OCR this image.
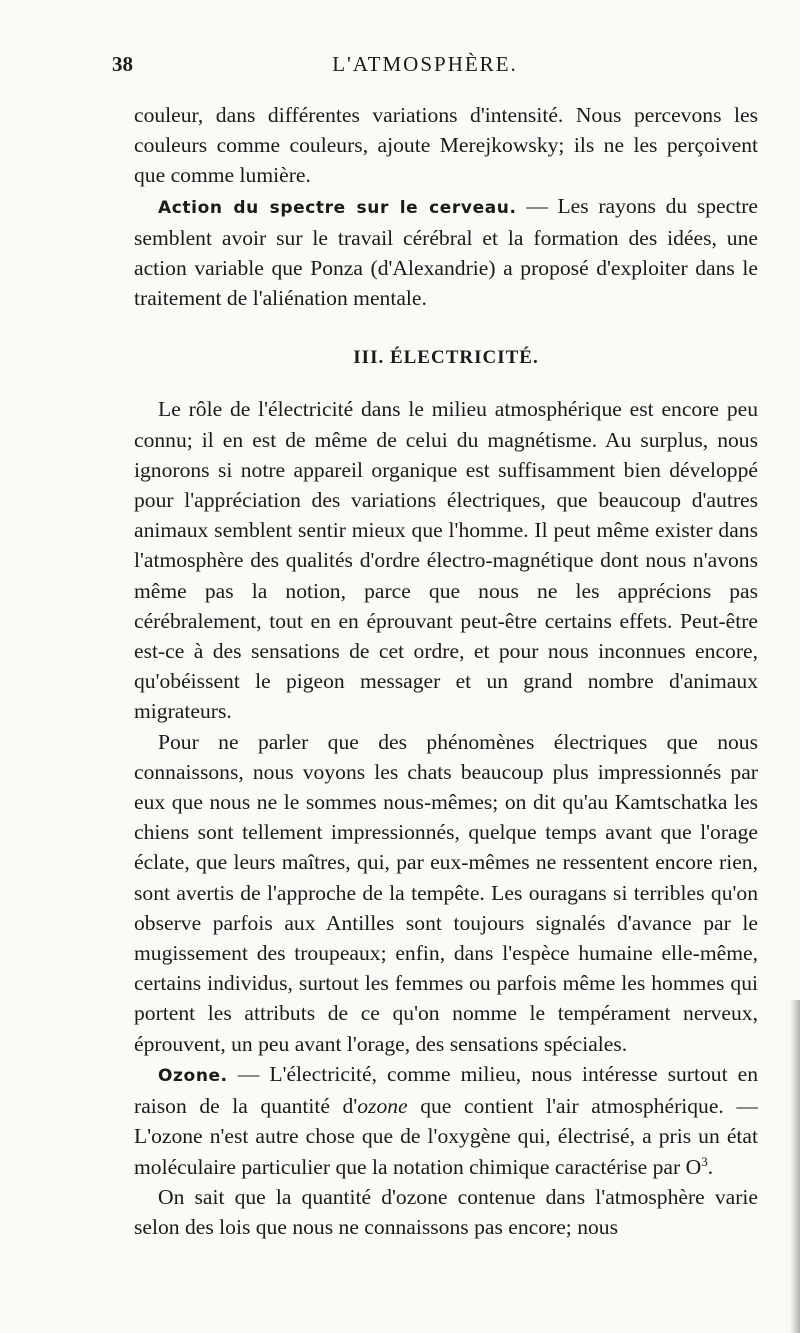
38	L'ATMOSPHÈRE.

couleur, dans différentes variations d'intensité. Nous percevons les couleurs comme couleurs, ajoute Merejkowsky; ils ne les perçoivent que comme lumière.

Action du spectre sur le cerveau. — Les rayons du spectre semblent avoir sur le travail cérébral et la formation des idées, une action variable que Ponza (d'Alexandrie) a proposé d'exploiter dans le traitement de l'aliénation mentale.

III. ÉLECTRICITÉ.

Le rôle de l'électricité dans le milieu atmosphérique est encore peu connu; il en est de même de celui du magnétisme. Au surplus, nous ignorons si notre appareil organique est suffisamment bien développé pour l'appréciation des variations électriques, que beaucoup d'autres animaux semblent sentir mieux que l'homme. Il peut même exister dans l'atmosphère des qualités d'ordre électro-magnétique dont nous n'avons même pas la notion, parce que nous ne les apprécions pas cérébralement, tout en en éprouvant peut-être certains effets. Peut-être est-ce à des sensations de cet ordre, et pour nous inconnues encore, qu'obéissent le pigeon messager et un grand nombre d'animaux migrateurs.

Pour ne parler que des phénomènes électriques que nous connaissons, nous voyons les chats beaucoup plus impressionnés par eux que nous ne le sommes nous-mêmes; on dit qu'au Kamtschatka les chiens sont tellement impressionnés, quelque temps avant que l'orage éclate, que leurs maîtres, qui, par eux-mêmes ne ressentent encore rien, sont avertis de l'approche de la tempête. Les ouragans si terribles qu'on observe parfois aux Antilles sont toujours signalés d'avance par le mugissement des troupeaux; enfin, dans l'espèce humaine elle-même, certains individus, surtout les femmes ou parfois même les hommes qui portent les attributs de ce qu'on nomme le tempérament nerveux, éprouvent, un peu avant l'orage, des sensations spéciales.

Ozone. — L'électricité, comme milieu, nous intéresse surtout en raison de la quantité d'ozone que contient l'air atmosphérique. — L'ozone n'est autre chose que de l'oxygène qui, électrisé, a pris un état moléculaire particulier que la notation chimique caractérise par $O^3$.

On sait que la quantité d'ozone contenue dans l'atmosphère varie selon des lois que nous ne connaissons pas encore; nous
